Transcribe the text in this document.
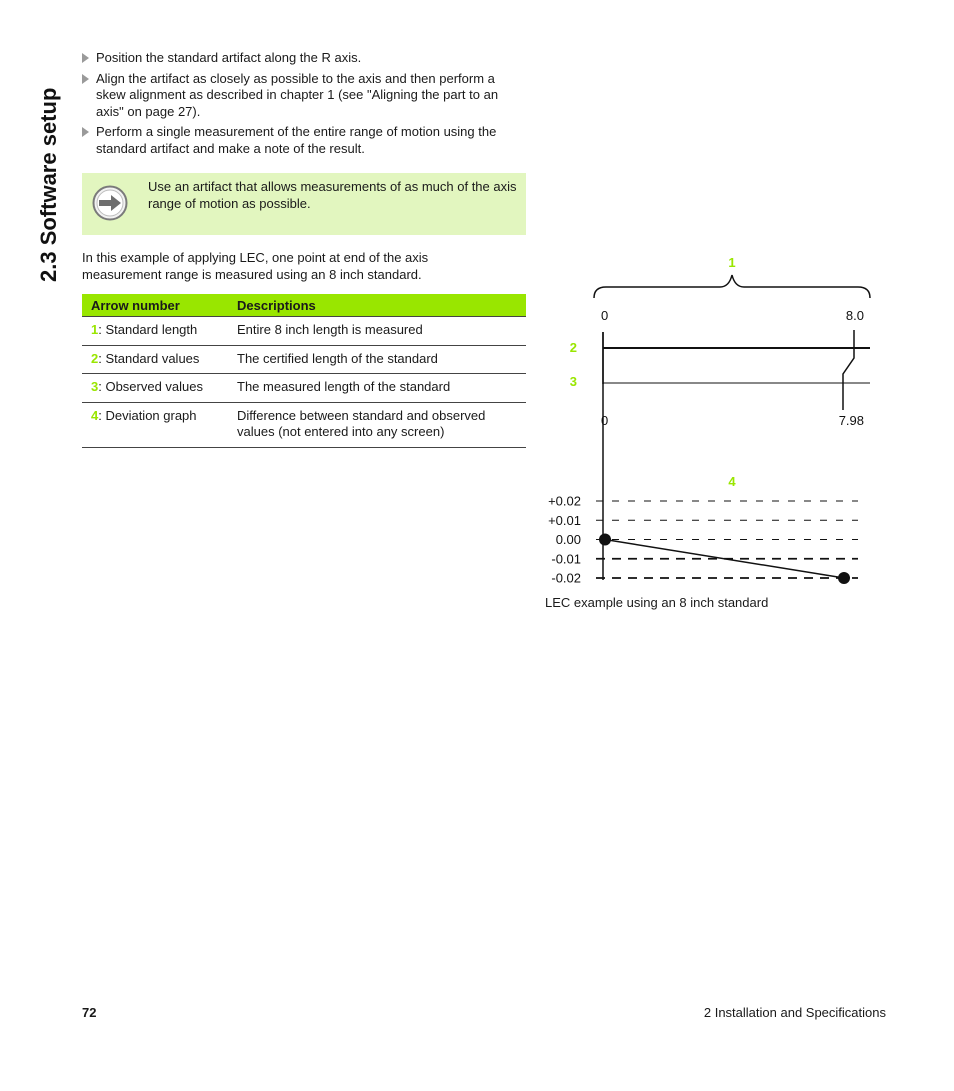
2.3 Software setup
Position the standard artifact along the R axis.
Align the artifact as closely as possible to the axis and then perform a skew alignment as described in chapter 1 (see "Aligning the part to an axis" on page 27).
Perform a single measurement of the entire range of motion using the standard artifact and make a note of the result.
Use an artifact that allows measurements of as much of the axis range of motion as possible.
In this example of applying LEC, one point at end of the axis measurement range is measured using an 8 inch standard.
Arrow number	Descriptions
1: Standard length	Entire 8 inch length is measured
2: Standard values	The certified length of the standard
3: Observed values	The measured length of the standard
4: Deviation graph	Difference between standard and observed values (not entered into any screen)
1
0	8.0
2
3
0	7.98
4
+0.02
+0.01
0.00
-0.01
-0.02
LEC example using an 8 inch standard
72	2 Installation and Specifications
